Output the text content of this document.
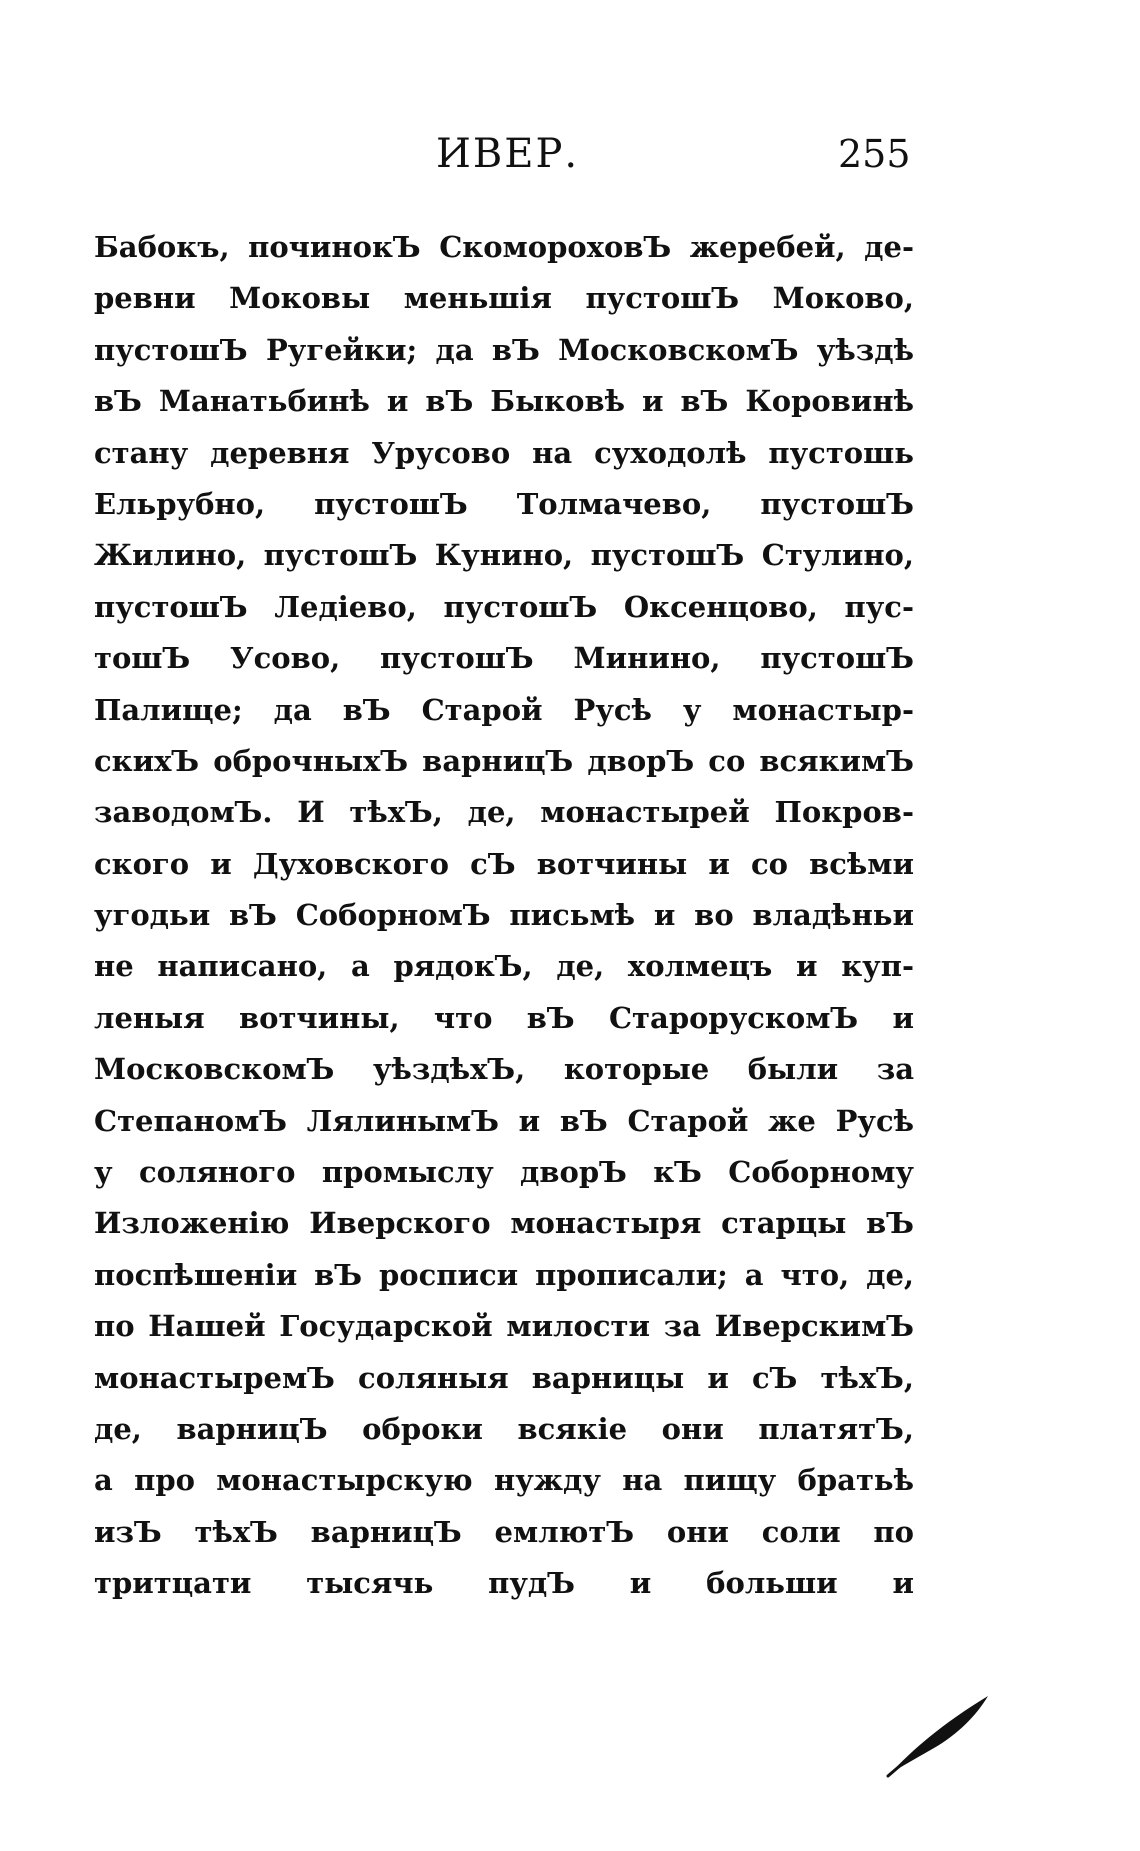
ИВЕР.	255
Бабокъ, починокЪ СкомороховЪ жеребей, де-
ревни Моковы меньшія пустошЪ Моково,
пустошЪ Ругейки; да вЪ МосковскомЪ уѣздѣ
вЪ Манатьбинѣ и вЪ Быковѣ и вЪ Коровинѣ
стану деревня Урусово на суходолѣ пустошь
Ельрубно, пустошЪ Толмачево, пустошЪ
Жилино, пустошЪ Кунино, пустошЪ Стулино,
пустошЪ Ледіево, пустошЪ Оксенцово, пус-
тошЪ Усово, пустошЪ Минино, пустошЪ
Палище; да вЪ Старой Русѣ у монастыр-
скихЪ оброчныхЪ варницЪ дворЪ со всякимЪ
заводомЪ. И тѣхЪ, де, монастырей Покров-
ского и Духовского сЪ вотчины и со всѣми
угодьи вЪ СоборномЪ письмѣ и во владѣньи
не написано, а рядокЪ, де, холмецъ и куп-
леныя вотчины, что вЪ СтарорускомЪ и
МосковскомЪ уѣздѣхЪ, которые были за
СтепаномЪ ЛялинымЪ и вЪ Старой же Русѣ
у соляного промыслу дворЪ кЪ Соборному
Изложенію Иверского монастыря старцы вЪ
поспѣшеніи вЪ росписи прописали; а что, де,
по Нашей Государской милости за ИверскимЪ
монастыремЪ соляныя варницы и сЪ тѣхЪ,
де, варницЪ оброки всякіе они платятЪ,
а про монастырскую нужду на пищу братьѣ
изЪ тѣхЪ варницЪ емлютЪ они соли по
тритцати тысячь пудЪ и больши и
